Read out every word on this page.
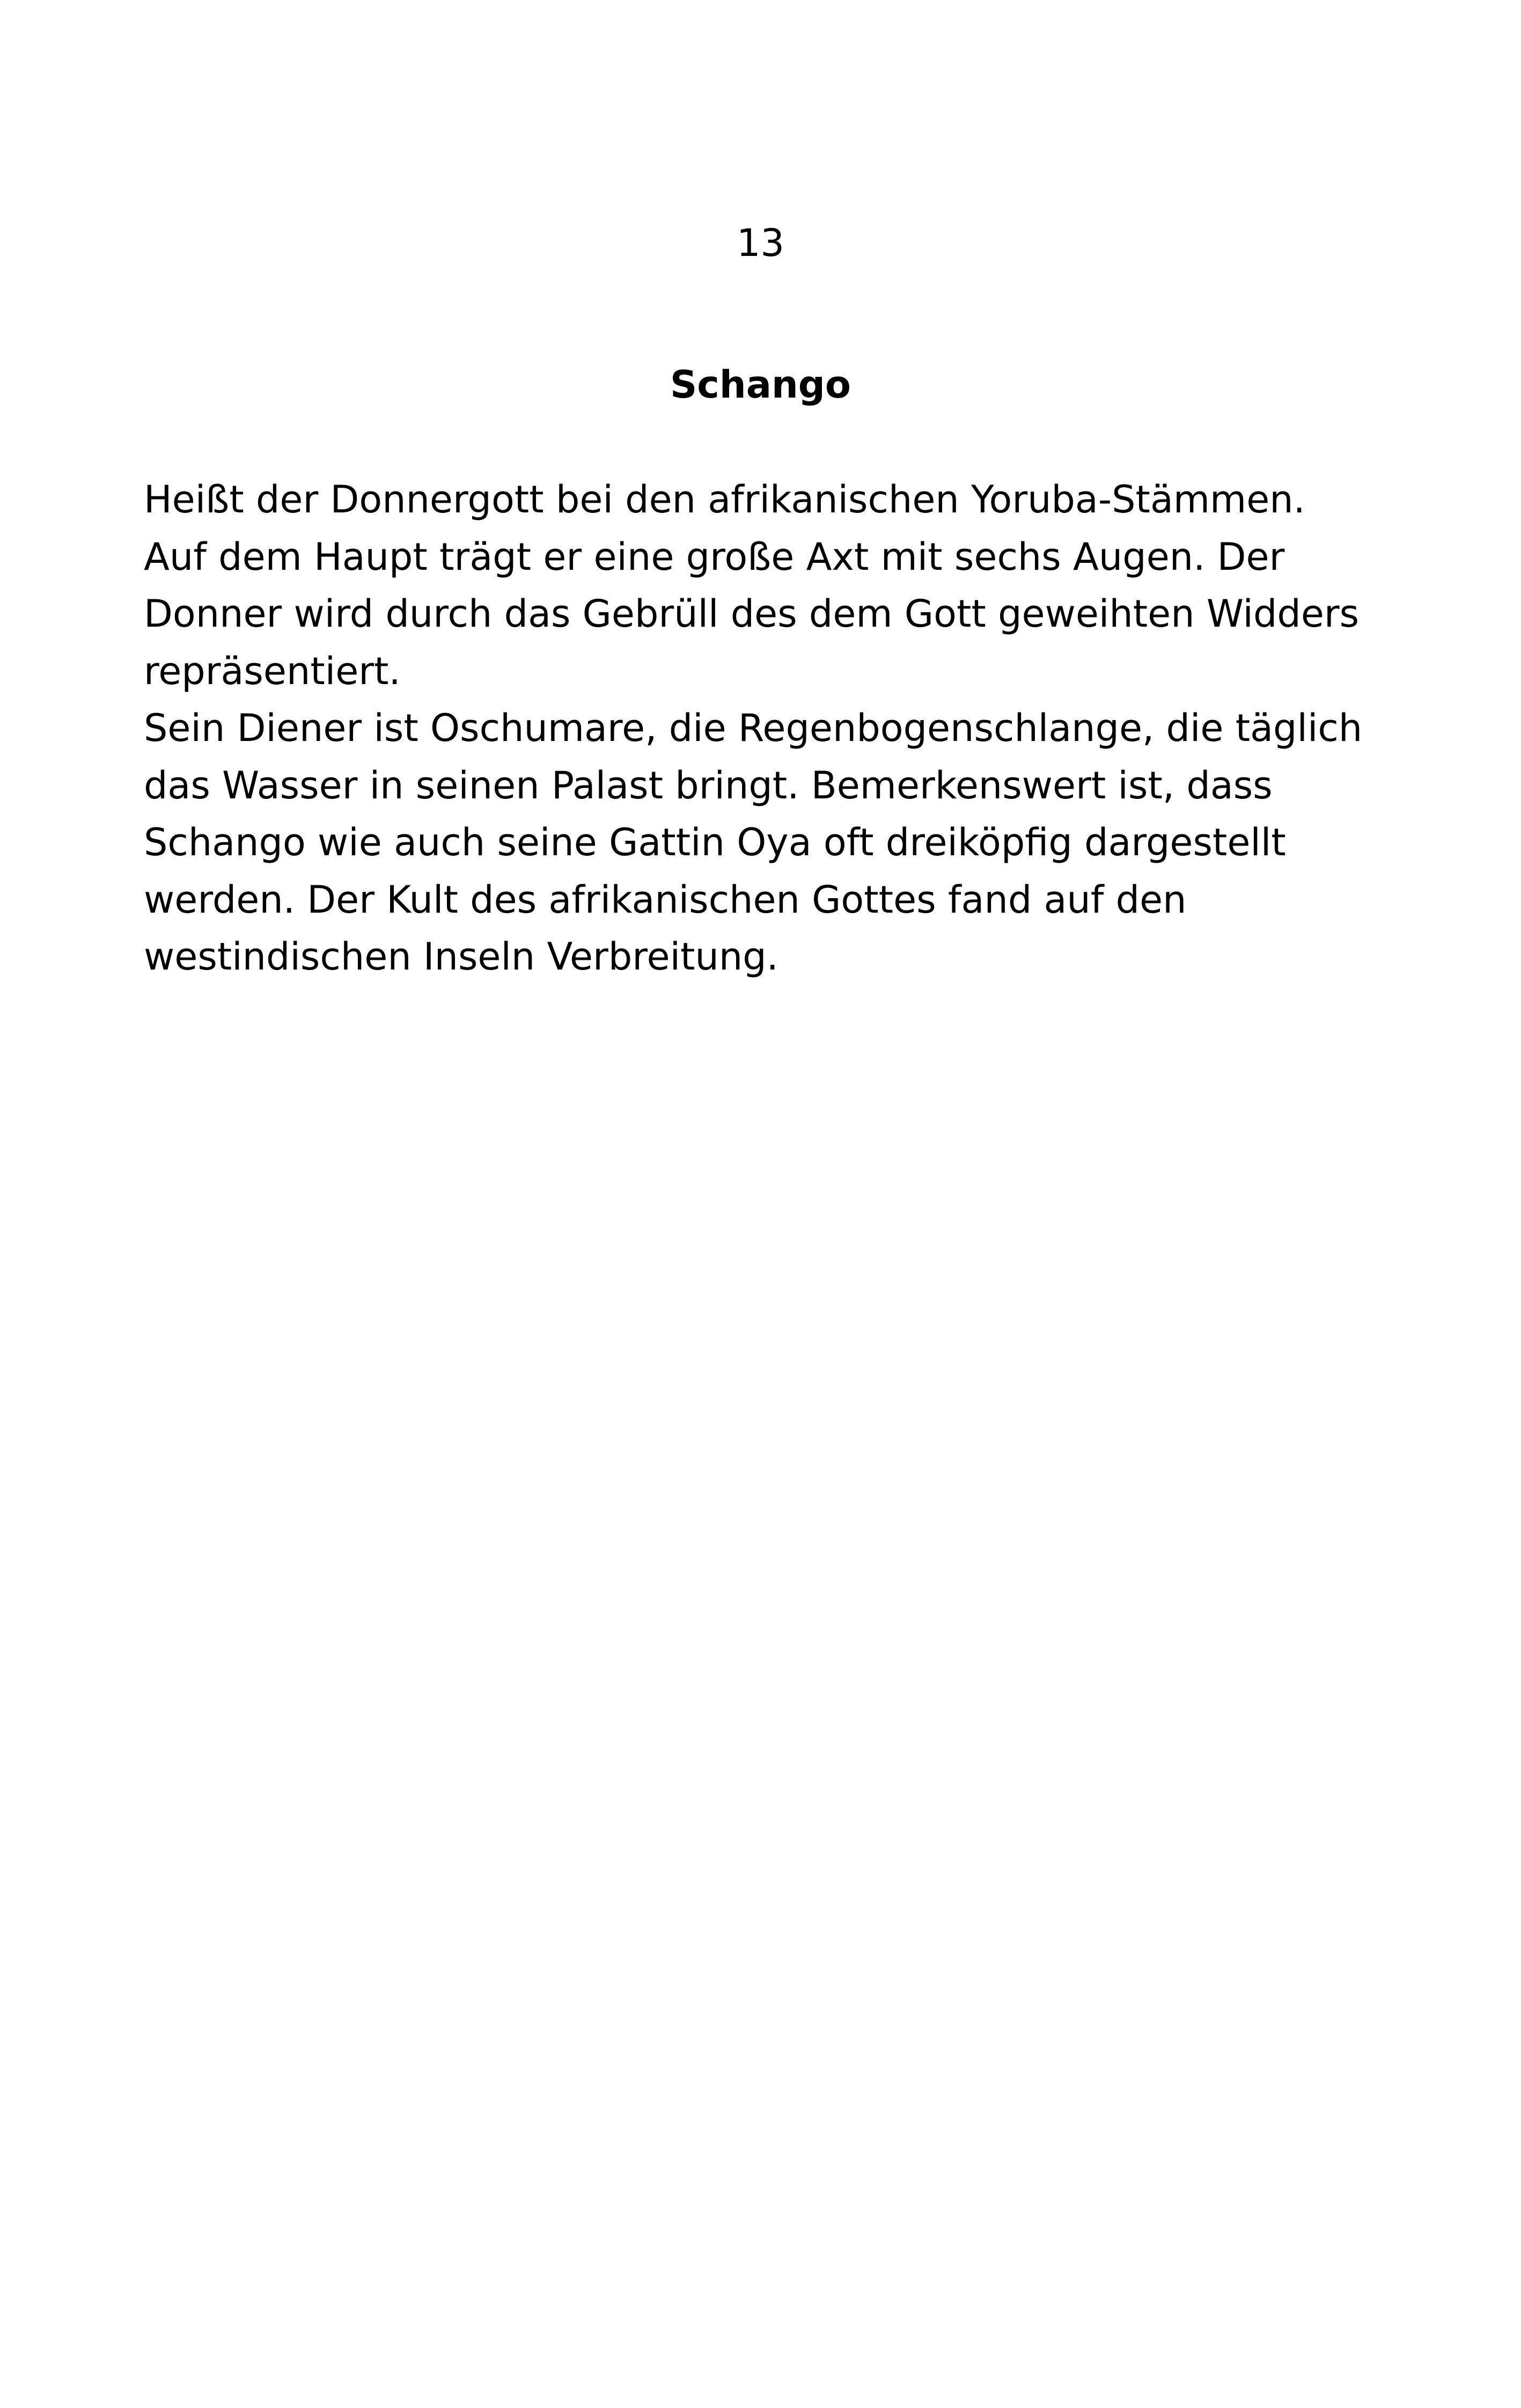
13
Schango
Heißt der Donnergott bei den afrikanischen Yoruba-Stämmen.
Auf dem Haupt trägt er eine große Axt mit sechs Augen. Der
Donner wird durch das Gebrüll des dem Gott geweihten Widders
repräsentiert.
Sein Diener ist Oschumare, die Regenbogenschlange, die täglich
das Wasser in seinen Palast bringt. Bemerkenswert ist, dass
Schango wie auch seine Gattin Oya oft dreiköpfig dargestellt
werden. Der Kult des afrikanischen Gottes fand auf den
westindischen Inseln Verbreitung.
